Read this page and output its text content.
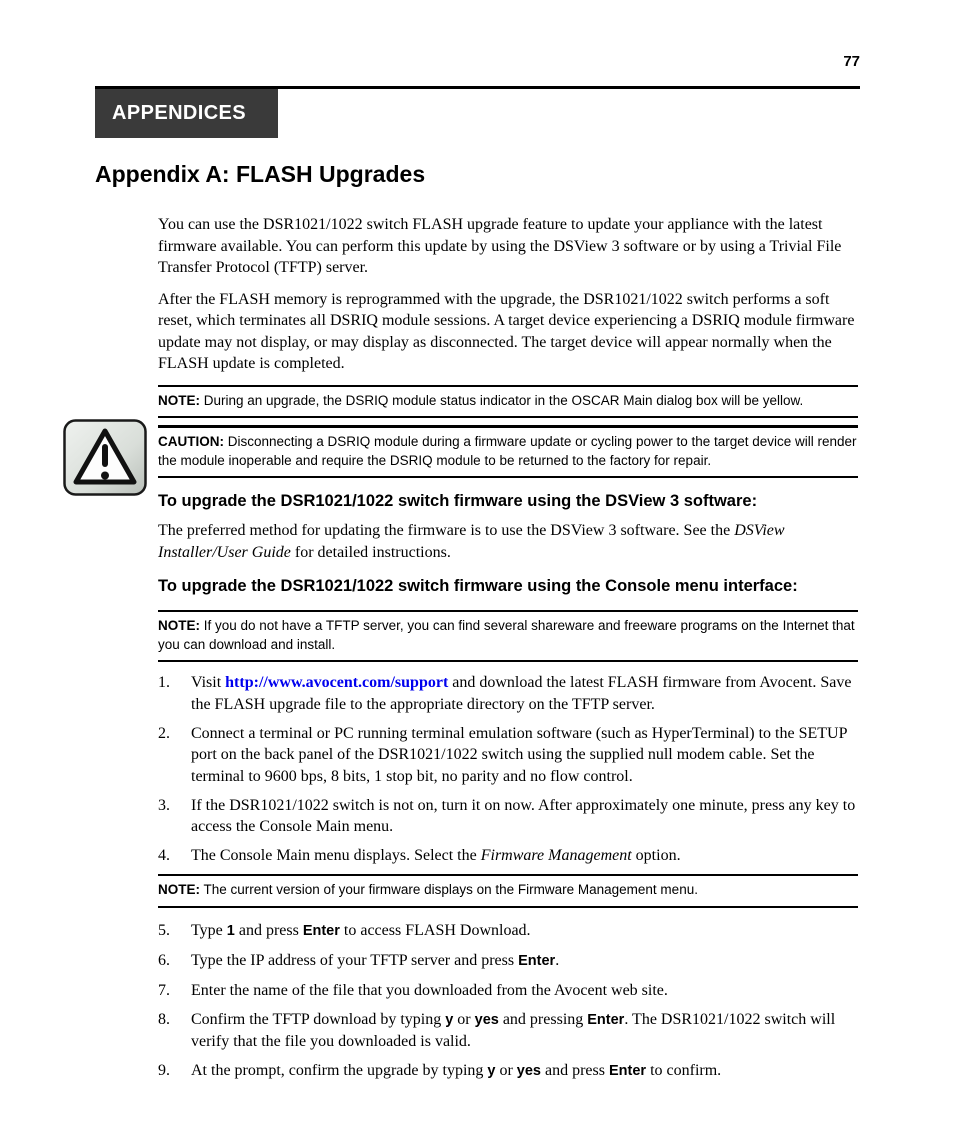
77
APPENDICES
Appendix A: FLASH Upgrades

You can use the DSR1021/1022 switch FLASH upgrade feature to update your appliance with the latest firmware available. You can perform this update by using the DSView 3 software or by using a Trivial File Transfer Protocol (TFTP) server.

After the FLASH memory is reprogrammed with the upgrade, the DSR1021/1022 switch performs a soft reset, which terminates all DSRIQ module sessions. A target device experiencing a DSRIQ module firmware update may not display, or may display as disconnected. The target device will appear normally when the FLASH update is completed.

NOTE: During an upgrade, the DSRIQ module status indicator in the OSCAR Main dialog box will be yellow.
CAUTION: Disconnecting a DSRIQ module during a firmware update or cycling power to the target device will render the module inoperable and require the DSRIQ module to be returned to the factory for repair.
To upgrade the DSR1021/1022 switch firmware using the DSView 3 software:

The preferred method for updating the firmware is to use the DSView 3 software. See the DSView Installer/User Guide for detailed instructions.

To upgrade the DSR1021/1022 switch firmware using the Console menu interface:
NOTE: If you do not have a TFTP server, you can find several shareware and freeware programs on the Internet that you can download and install.
1.	Visit http://www.avocent.com/support and download the latest FLASH firmware from Avocent. Save the FLASH upgrade file to the appropriate directory on the TFTP server.
2.	Connect a terminal or PC running terminal emulation software (such as HyperTerminal) to the SETUP port on the back panel of the DSR1021/1022 switch using the supplied null modem cable. Set the terminal to 9600 bps, 8 bits, 1 stop bit, no parity and no flow control.
3.	If the DSR1021/1022 switch is not on, turn it on now. After approximately one minute, press any key to access the Console Main menu.
4.	The Console Main menu displays. Select the Firmware Management option.
NOTE: The current version of your firmware displays on the Firmware Management menu.
5.	Type 1 and press Enter to access FLASH Download.
6.	Type the IP address of your TFTP server and press Enter.
7.	Enter the name of the file that you downloaded from the Avocent web site.
8.	Confirm the TFTP download by typing y or yes and pressing Enter. The DSR1021/1022 switch will verify that the file you downloaded is valid.
9.	At the prompt, confirm the upgrade by typing y or yes and press Enter to confirm.
